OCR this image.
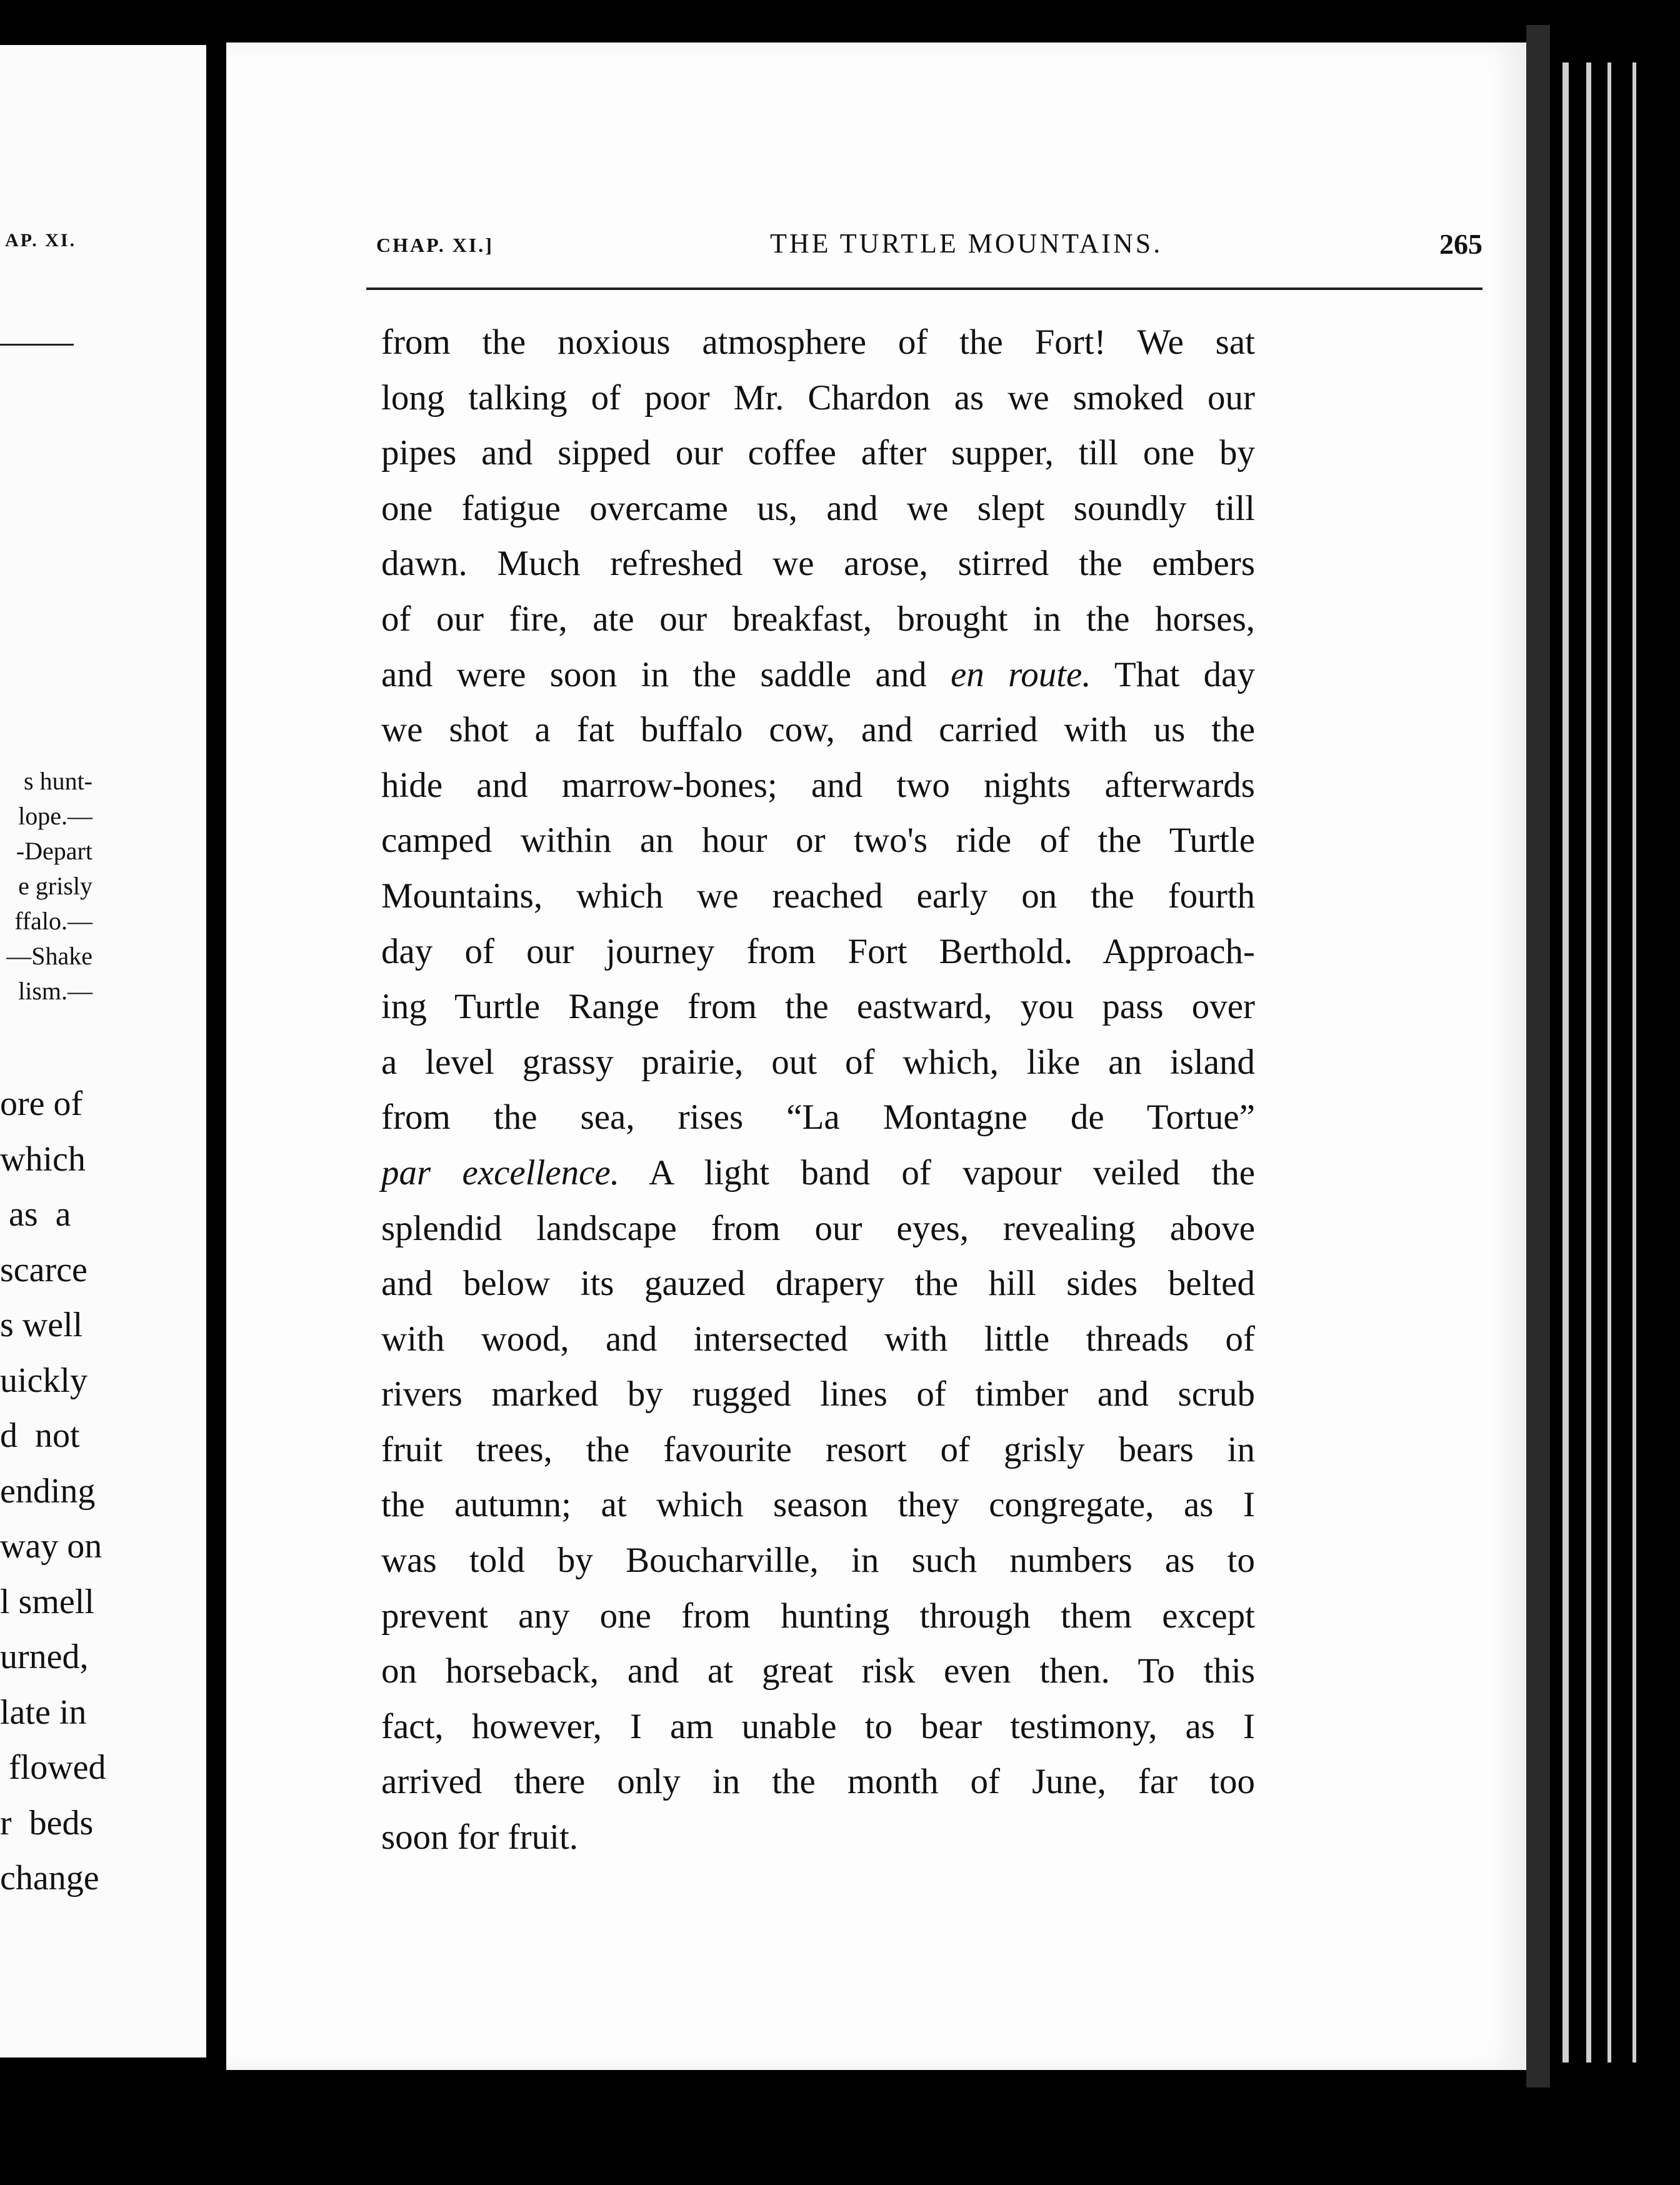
AP. XI.
s hunt-
lope.—
-Depart
e grisly
ffalo.—
—Shake
lism.—
ore of
which
as  a
scarce
s well
uickly
d  not
ending
way on
l smell
urned,
late in
flowed
r  beds
change
CHAP. XI.]	THE TURTLE MOUNTAINS.	265
from the noxious atmosphere of the Fort! We sat
long talking of poor Mr. Chardon as we smoked our
pipes and sipped our coffee after supper, till one by
one fatigue overcame us, and we slept soundly till
dawn. Much refreshed we arose, stirred the embers
of our fire, ate our breakfast, brought in the horses,
and were soon in the saddle and en route. That day
we shot a fat buffalo cow, and carried with us the
hide and marrow-bones; and two nights afterwards
camped within an hour or two's ride of the Turtle
Mountains, which we reached early on the fourth
day of our journey from Fort Berthold. Approach-
ing Turtle Range from the eastward, you pass over
a level grassy prairie, out of which, like an island
from the sea, rises “La Montagne de Tortue”
par excellence. A light band of vapour veiled the
splendid landscape from our eyes, revealing above
and below its gauzed drapery the hill sides belted
with wood, and intersected with little threads of
rivers marked by rugged lines of timber and scrub
fruit trees, the favourite resort of grisly bears in
the autumn; at which season they congregate, as I
was told by Boucharville, in such numbers as to
prevent any one from hunting through them except
on horseback, and at great risk even then. To this
fact, however, I am unable to bear testimony, as I
arrived there only in the month of June, far too
soon for fruit.
